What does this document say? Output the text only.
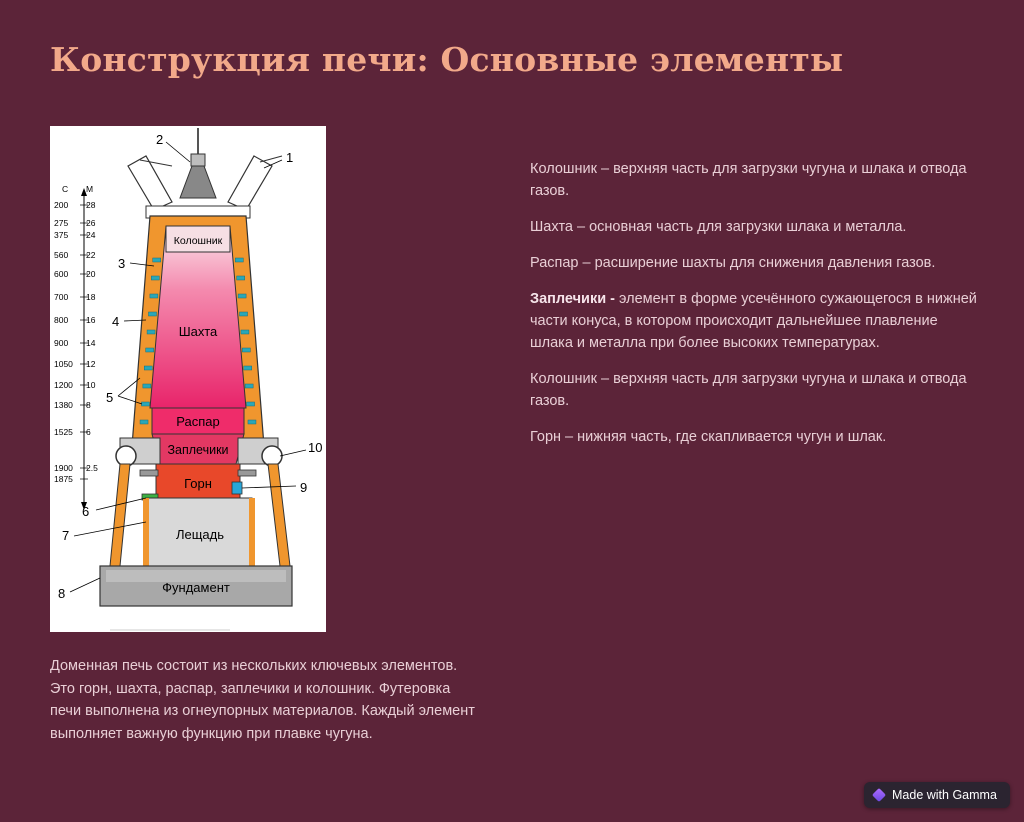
Конструкция печи: Основные элементы
С М
200 28
275 26
375 24
560 22
600 20
700 18
800 16
900 14
1050 12
1200 10
1380 8
1525 6
1900 2.5
1875
Колошник
Шахта
Распар
Заплечики
Горн
Лещадь
Фундамент
1
2
3
4
5
6
7
8
9
10

Колошник – верхняя часть для загрузки чугуна и шлака и отвода газов.

Шахта – основная часть для загрузки шлака и металла.

Распар – расширение шахты для снижения давления газов.

Заплечики - элемент в форме усечённого сужающегося в нижней части конуса, в котором происходит дальнейшее плавление шлака и металла при более высоких температурах.

Колошник – верхняя часть для загрузки чугуна и шлака и отвода газов.

Горн – нижняя часть, где скапливается чугун и шлак.

Доменная печь состоит из нескольких ключевых элементов. Это горн, шахта, распар, заплечики и колошник. Футеровка печи выполнена из огнеупорных материалов. Каждый элемент выполняет важную функцию при плавке чугуна.

Made with Gamma
